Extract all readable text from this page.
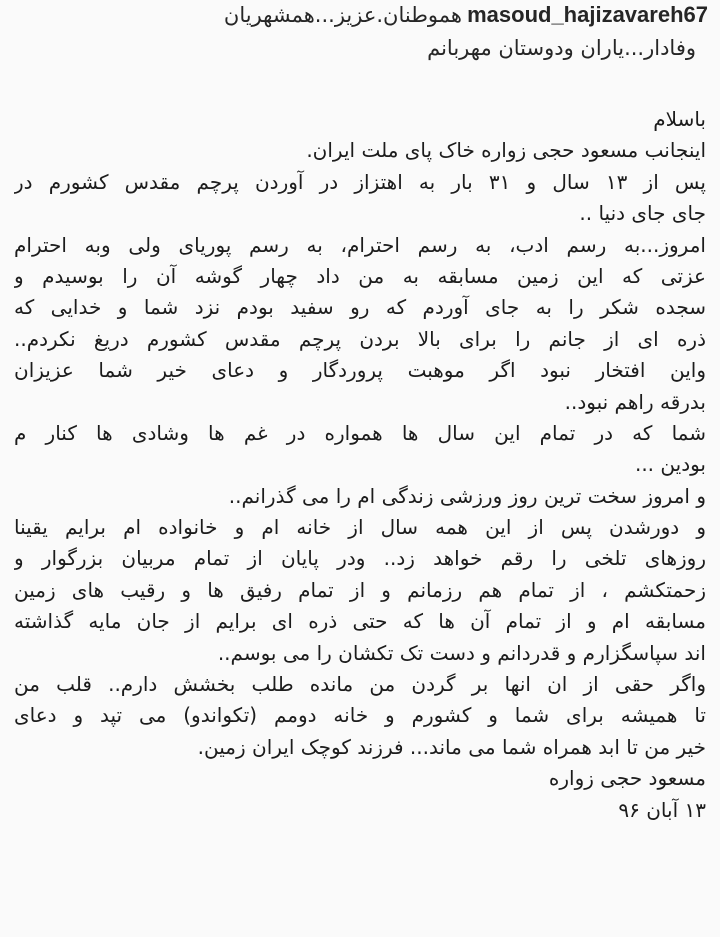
masoud_hajizavareh67 هموطنان.عزیز...همشهریان
وفادار...یاران ودوستان مهربانم
باسلام
اینجانب مسعود حجی زواره خاک پای ملت ایران.
پس از ۱۳ سال و ۳۱ بار به اهتزاز در آوردن پرچم مقدس کشورم در
جای جای دنیا ..
امروز...به رسم ادب، به رسم احترام، به رسم پوریای ولی وبه احترام
عزتی که این زمین مسابقه به من داد چهار گوشه آن را بوسیدم و
سجده شکر را به جای آوردم که رو سفید بودم نزد شما و خدایی که
ذره ای از جانم را برای بالا بردن پرچم مقدس کشورم دریغ نکردم..
واین افتخار نبود اگر موهبت پروردگار و دعای خیر شما عزیزان
بدرقه راهم نبود..
شما که در تمام این سال ها همواره در غم ها وشادی ها کنار م
بودین ...
و امروز سخت ترین روز ورزشی زندگی ام را می گذرانم..
و دورشدن پس از این همه سال از خانه ام و خانواده ام برایم یقینا
روزهای تلخی را رقم خواهد زد.. ودر پایان از تمام مربیان بزرگوار و
زحمتکشم ، از تمام هم رزمانم و از تمام رفیق ها و رقیب های زمین
مسابقه ام و از تمام آن ها که حتی ذره ای برایم از جان مایه گذاشته
اند سپاسگزارم و قدردانم و دست تک تکشان را می بوسم..
واگر حقی از ان انها بر گردن من مانده طلب بخشش دارم.. قلب من
تا همیشه برای شما و کشورم و خانه دومم (تکواندو) می تپد و دعای
خیر من تا ابد همراه شما می ماند... فرزند کوچک ایران زمین.
مسعود حجی زواره
۱۳ آبان ۹۶
